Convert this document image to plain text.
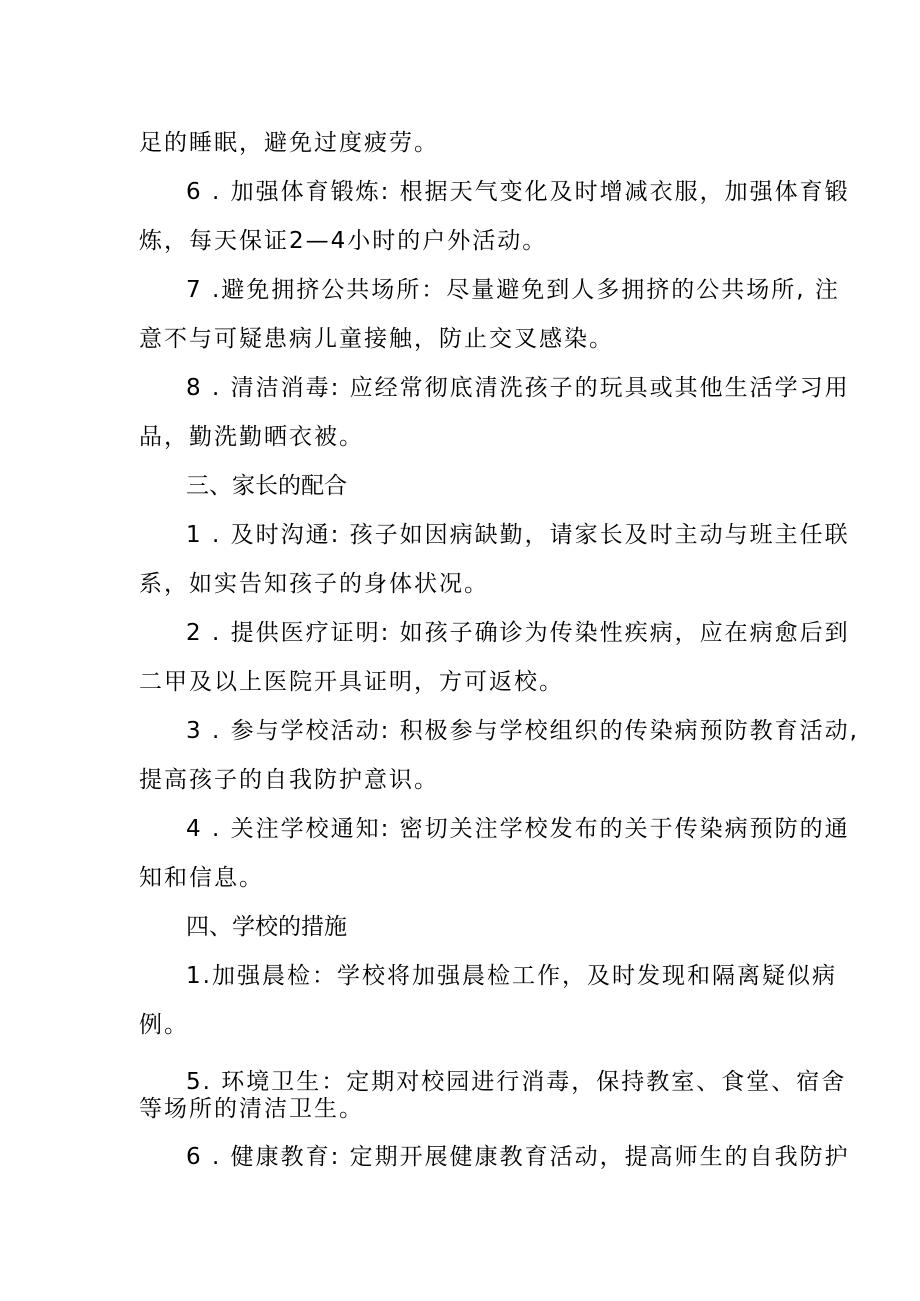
足的睡眠，避免过度疲劳。

6 . 加强体育锻炼: 根据天气变化及时增减衣服，加强体育锻

炼，每天保证2—4小时的户外活动。

7 .避免拥挤公共场所：尽量避免到人多拥挤的公共场所, 注

意不与可疑患病儿童接触，防止交叉感染。

8 . 清洁消毒: 应经常彻底清洗孩子的玩具或其他生活学习用

品，勤洗勤晒衣被。

三、家长的配合

1 . 及时沟通: 孩子如因病缺勤，请家长及时主动与班主任联

系，如实告知孩子的身体状况。

2 . 提供医疗证明: 如孩子确诊为传染性疾病，应在病愈后到

二甲及以上医院开具证明，方可返校。

3 . 参与学校活动: 积极参与学校组织的传染病预防教育活动,

提高孩子的自我防护意识。

4 . 关注学校通知: 密切关注学校发布的关于传染病预防的通

知和信息。

四、学校的措施

1.加强晨检：学校将加强晨检工作，及时发现和隔离疑似病

例。

5. 环境卫生：定期对校园进行消毒，保持教室、食堂、宿舍

等场所的清洁卫生。

6 . 健康教育: 定期开展健康教育活动，提高师生的自我防护
